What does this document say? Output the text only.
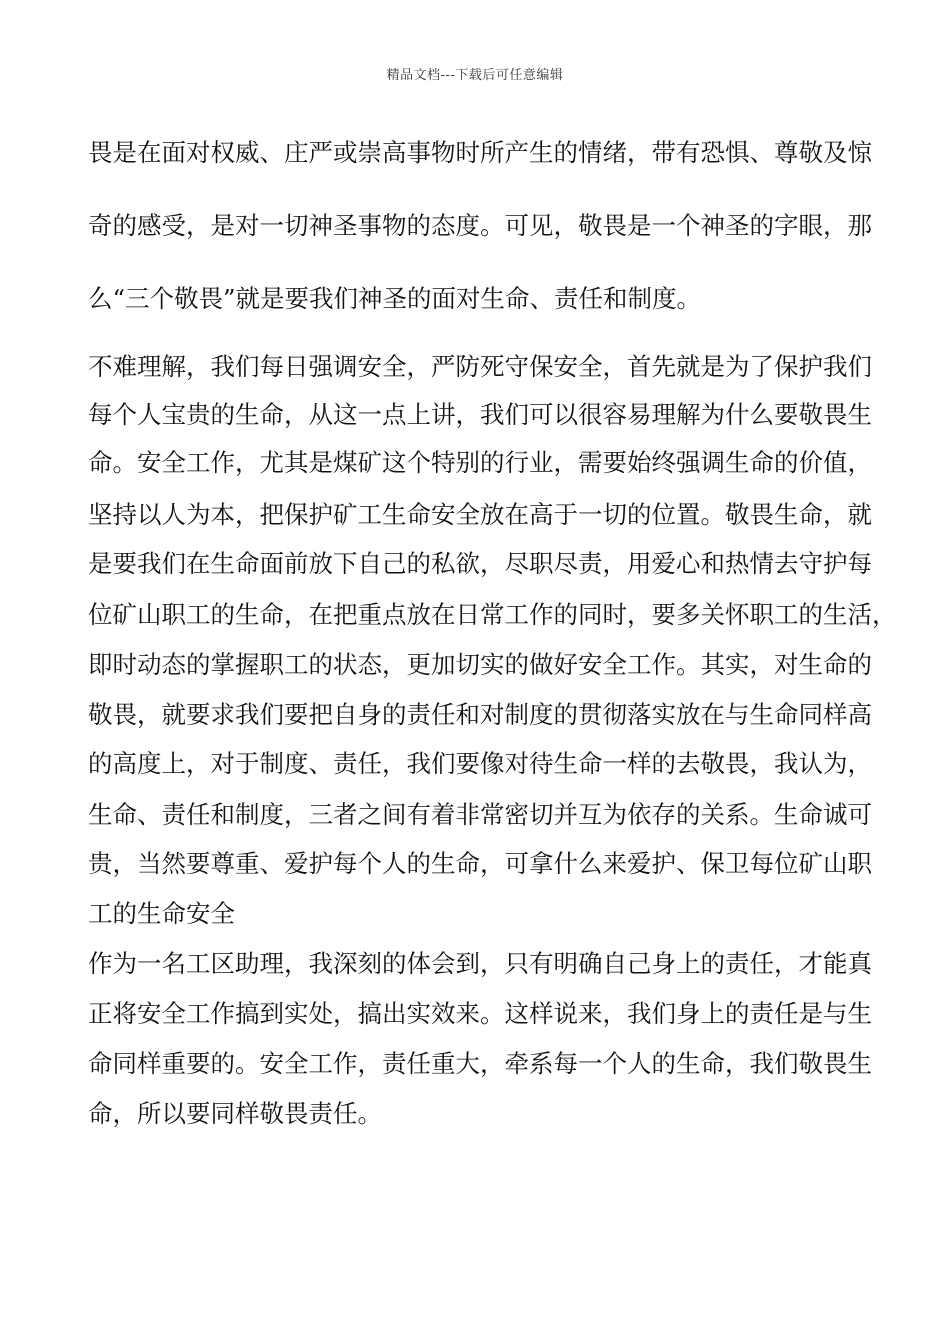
精品文档---下载后可任意编辑
畏是在面对权威、庄严或崇高事物时所产生的情绪，带有恐惧、尊敬及惊
奇的感受，是对一切神圣事物的态度。可见，敬畏是一个神圣的字眼，那
么“三个敬畏”就是要我们神圣的面对生命、责任和制度。
不难理解，我们每日强调安全，严防死守保安全，首先就是为了保护我们
每个人宝贵的生命，从这一点上讲，我们可以很容易理解为什么要敬畏生
命。安全工作，尤其是煤矿这个特别的行业，需要始终强调生命的价值，
坚持以人为本，把保护矿工生命安全放在高于一切的位置。敬畏生命，就
是要我们在生命面前放下自己的私欲，尽职尽责，用爱心和热情去守护每
位矿山职工的生命，在把重点放在日常工作的同时，要多关怀职工的生活，
即时动态的掌握职工的状态，更加切实的做好安全工作。其实，对生命的
敬畏，就要求我们要把自身的责任和对制度的贯彻落实放在与生命同样高
的高度上，对于制度、责任，我们要像对待生命一样的去敬畏，我认为，
生命、责任和制度，三者之间有着非常密切并互为依存的关系。生命诚可
贵，当然要尊重、爱护每个人的生命，可拿什么来爱护、保卫每位矿山职
工的生命安全
作为一名工区助理，我深刻的体会到，只有明确自己身上的责任，才能真
正将安全工作搞到实处，搞出实效来。这样说来，我们身上的责任是与生
命同样重要的。安全工作，责任重大，牵系每一个人的生命，我们敬畏生
命，所以要同样敬畏责任。
